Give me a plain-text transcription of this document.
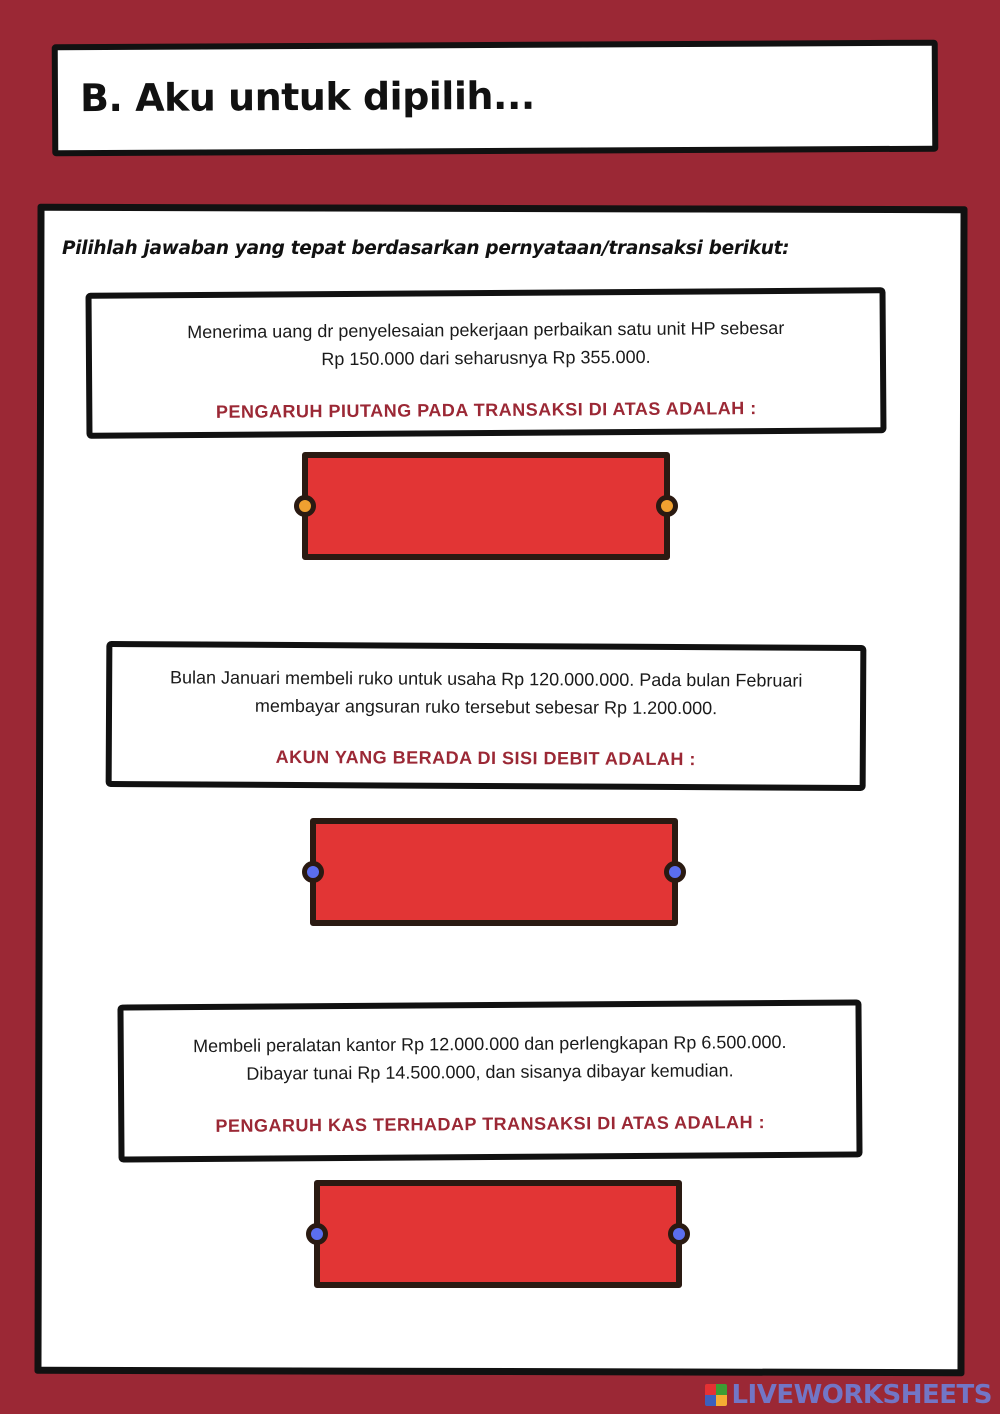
B. Aku untuk dipilih...
Pilihlah jawaban yang tepat berdasarkan pernyataan/transaksi berikut:
Menerima uang dr penyelesaian pekerjaan perbaikan satu unit HP sebesar
Rp 150.000 dari seharusnya Rp 355.000.
PENGARUH PIUTANG PADA TRANSAKSI DI ATAS ADALAH :
Bulan Januari membeli ruko untuk usaha Rp 120.000.000. Pada bulan Februari
membayar angsuran ruko tersebut sebesar Rp 1.200.000.
AKUN YANG BERADA DI SISI DEBIT ADALAH :
Membeli peralatan kantor Rp 12.000.000 dan perlengkapan Rp 6.500.000.
Dibayar tunai Rp 14.500.000, dan sisanya dibayar kemudian.
PENGARUH KAS TERHADAP TRANSAKSI DI ATAS ADALAH :
LIVEWORKSHEETS
